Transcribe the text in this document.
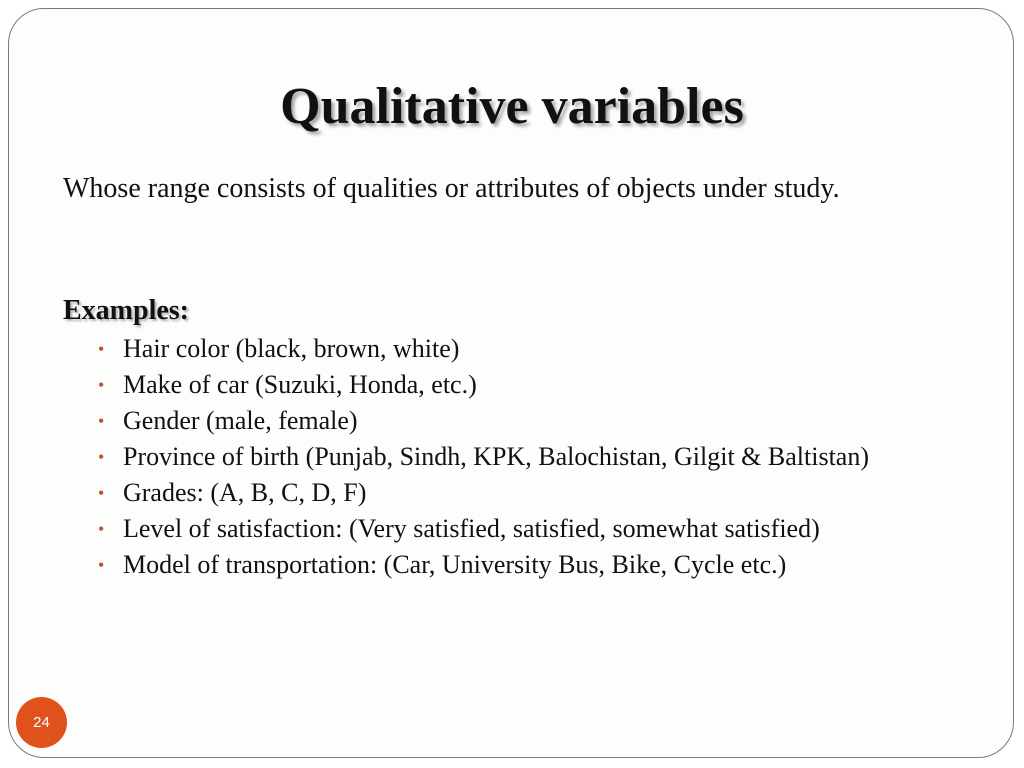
Qualitative variables
Whose range consists of qualities or attributes of objects under study.
Examples:
• Hair color (black, brown, white)
• Make of car (Suzuki, Honda, etc.)
• Gender (male, female)
• Province of birth (Punjab, Sindh, KPK, Balochistan, Gilgit & Baltistan)
• Grades: (A, B, C, D, F)
• Level of satisfaction: (Very satisfied, satisfied, somewhat satisfied)
• Model of transportation: (Car, University Bus, Bike, Cycle etc.)
24
